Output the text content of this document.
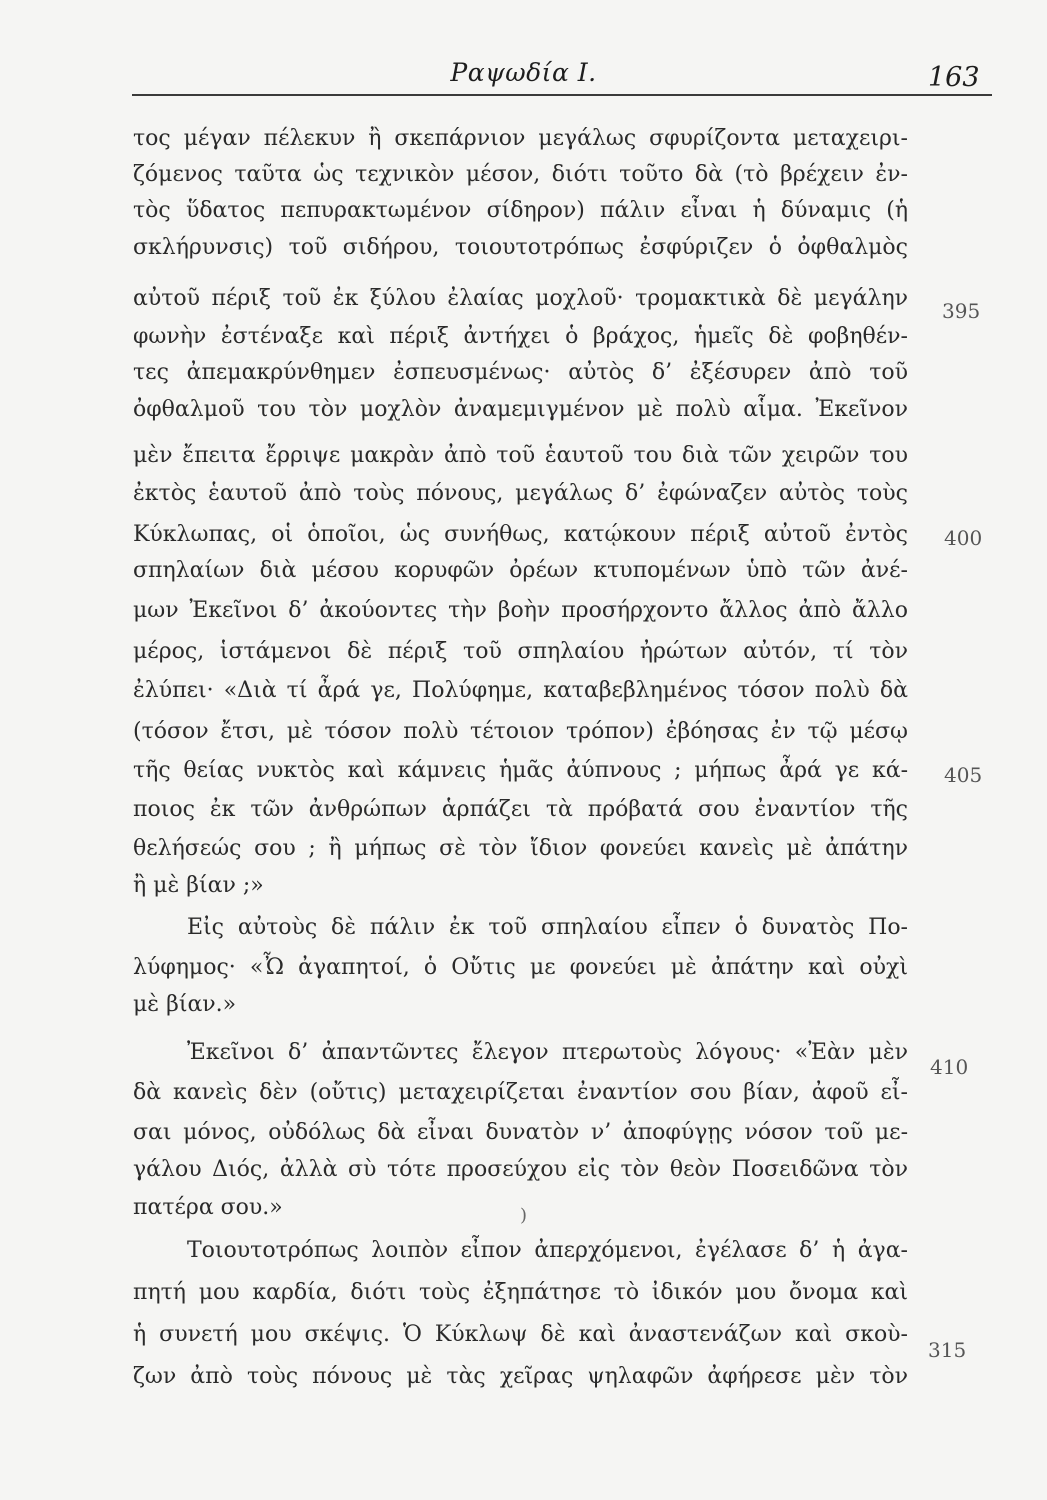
Ραψωδία Ι.	163
τος μέγαν πέλεκυν ἢ σκεπάρνιον μεγάλως σφυρίζοντα μεταχειρι-
ζόμενος ταῦτα ὡς τεχνικὸν μέσον, διότι τοῦτο δὰ (τὸ βρέχειν ἐν-
τὸς ὕδατος πεπυρακτωμένον σίδηρον) πάλιν εἶναι ἡ δύναμις (ἡ
σκλήρυνσις) τοῦ σιδήρου, τοιουτοτρόπως ἐσφύριζεν ὁ ὀφθαλμὸς
αὐτοῦ πέριξ τοῦ ἐκ ξύλου ἐλαίας μοχλοῦ· τρομακτικὰ δὲ μεγάλην
φωνὴν ἐστέναξε καὶ πέριξ ἀντήχει ὁ βράχος, ἡμεῖς δὲ φοβηθέν-
τες ἀπεμακρύνθημεν ἐσπευσμένως· αὐτὸς δ’ ἐξέσυρεν ἀπὸ τοῦ
ὀφθαλμοῦ του τὸν μοχλὸν ἀναμεμιγμένον μὲ πολὺ αἷμα. Ἐκεῖνον
μὲν ἔπειτα ἔρριψε μακρὰν ἀπὸ τοῦ ἑαυτοῦ του διὰ τῶν χειρῶν του
ἐκτὸς ἑαυτοῦ ἀπὸ τοὺς πόνους, μεγάλως δ’ ἐφώναζεν αὐτὸς τοὺς
Κύκλωπας, οἱ ὁποῖοι, ὡς συνήθως, κατῴκουν πέριξ αὐτοῦ ἐντὸς
σπηλαίων διὰ μέσου κορυφῶν ὀρέων κτυπομένων ὑπὸ τῶν ἀνέ-
μων Ἐκεῖνοι δ’ ἀκούοντες τὴν βοὴν προσήρχοντο ἄλλος ἀπὸ ἄλλο
μέρος, ἱστάμενοι δὲ πέριξ τοῦ σπηλαίου ἠρώτων αὐτόν, τί τὸν
ἐλύπει· «Διὰ τί ἆρά γε, Πολύφημε, καταβεβλημένος τόσον πολὺ δὰ
(τόσον ἔτσι, μὲ τόσον πολὺ τέτοιον τρόπον) ἐβόησας ἐν τῷ μέσῳ
τῆς θείας νυκτὸς καὶ κάμνεις ἡμᾶς ἀύπνους ; μήπως ἆρά γε κά-
ποιος ἐκ τῶν ἀνθρώπων ἁρπάζει τὰ πρόβατά σου ἐναντίον τῆς
θελήσεώς σου ; ἢ μήπως σὲ τὸν ἴδιον φονεύει κανεὶς μὲ ἀπάτην
ἢ μὲ βίαν ;»
Εἰς αὐτοὺς δὲ πάλιν ἐκ τοῦ σπηλαίου εἶπεν ὁ δυνατὸς Πο-
λύφημος· «Ὦ ἀγαπητοί, ὁ Οὔτις με φονεύει μὲ ἀπάτην καὶ οὐχὶ
μὲ βίαν.»
Ἐκεῖνοι δ’ ἀπαντῶντες ἔλεγον πτερωτοὺς λόγους· «Ἐὰν μὲν
δὰ κανεὶς δὲν (οὔτις) μεταχειρίζεται ἐναντίον σου βίαν, ἀφοῦ εἶ-
σαι μόνος, οὐδόλως δὰ εἶναι δυνατὸν ν’ ἀποφύγῃς νόσον τοῦ με-
γάλου Διός, ἀλλὰ σὺ τότε προσεύχου εἰς τὸν θεὸν Ποσειδῶνα τὸν
πατέρα σου.»
Τοιουτοτρόπως λοιπὸν εἶπον ἀπερχόμενοι, ἐγέλασε δ’ ἡ ἀγα-
πητή μου καρδία, διότι τοὺς ἐξηπάτησε τὸ ἰδικόν μου ὄνομα καὶ
ἡ συνετή μου σκέψις. Ὁ Κύκλωψ δὲ καὶ ἀναστενάζων καὶ σκοὺ-
ζων ἀπὸ τοὺς πόνους μὲ τὰς χεῖρας ψηλαφῶν ἀφήρεσε μὲν τὸν
395
400
405
410
315
)
